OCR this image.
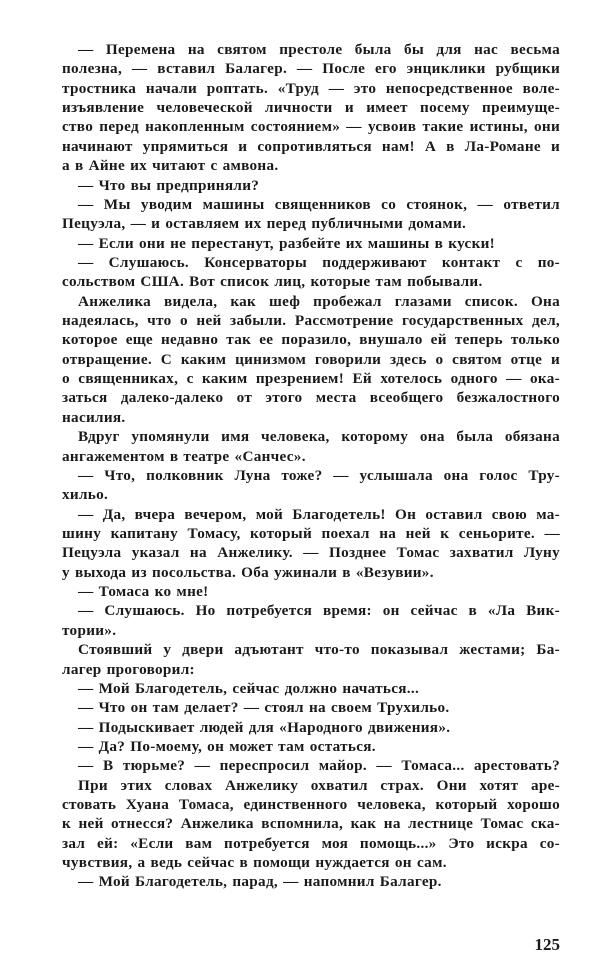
— Перемена на святом престоле была бы для нас весьма
полезна, — вставил Балагер. — После его энциклики рубщики
тростника начали роптать. «Труд — это непосредственное воле-
изъявление человеческой личности и имеет посему преимуще-
ство перед накопленным состоянием» — усвоив такие истины, они
начинают упрямиться и сопротивляться нам! А в Ла-Романе и
а в Айне их читают с амвона.
— Что вы предприняли?
— Мы уводим машины священников со стоянок, — ответил
Пецуэла, — и оставляем их перед публичными домами.
— Если они не перестанут, разбейте их машины в куски!
— Слушаюсь. Консерваторы поддерживают контакт с по-
сольством США. Вот список лиц, которые там побывали.
Анжелика видела, как шеф пробежал глазами список. Она
надеялась, что о ней забыли. Рассмотрение государственных дел,
которое еще недавно так ее поразило, внушало ей теперь только
отвращение. С каким цинизмом говорили здесь о святом отце и
о священниках, с каким презрением! Ей хотелось одного — ока-
заться далеко-далеко от этого места всеобщего безжалостного
насилия.
Вдруг упомянули имя человека, которому она была обязана
ангажементом в театре «Санчес».
— Что, полковник Луна тоже? — услышала она голос Тру-
хильо.
— Да, вчера вечером, мой Благодетель! Он оставил свою ма-
шину капитану Томасу, который поехал на ней к сеньорите. —
Пецуэла указал на Анжелику. — Позднее Томас захватил Луну
у выхода из посольства. Оба ужинали в «Везувии».
— Томаса ко мне!
— Слушаюсь. Но потребуется время: он сейчас в «Ла Вик-
тории».
Стоявший у двери адъютант что-то показывал жестами; Ба-
лагер проговорил:
— Мой Благодетель, сейчас должно начаться...
— Что он там делает? — стоял на своем Трухильо.
— Подыскивает людей для «Народного движения».
— Да? По-моему, он может там остаться.
— В тюрьме? — переспросил майор. — Томаса... арестовать?
При этих словах Анжелику охватил страх. Они хотят аре-
стовать Хуана Томаса, единственного человека, который хорошо
к ней отнесся? Анжелика вспомнила, как на лестнице Томас ска-
зал ей: «Если вам потребуется моя помощь...» Это искра со-
чувствия, а ведь сейчас в помощи нуждается он сам.
— Мой Благодетель, парад, — напомнил Балагер.
125
